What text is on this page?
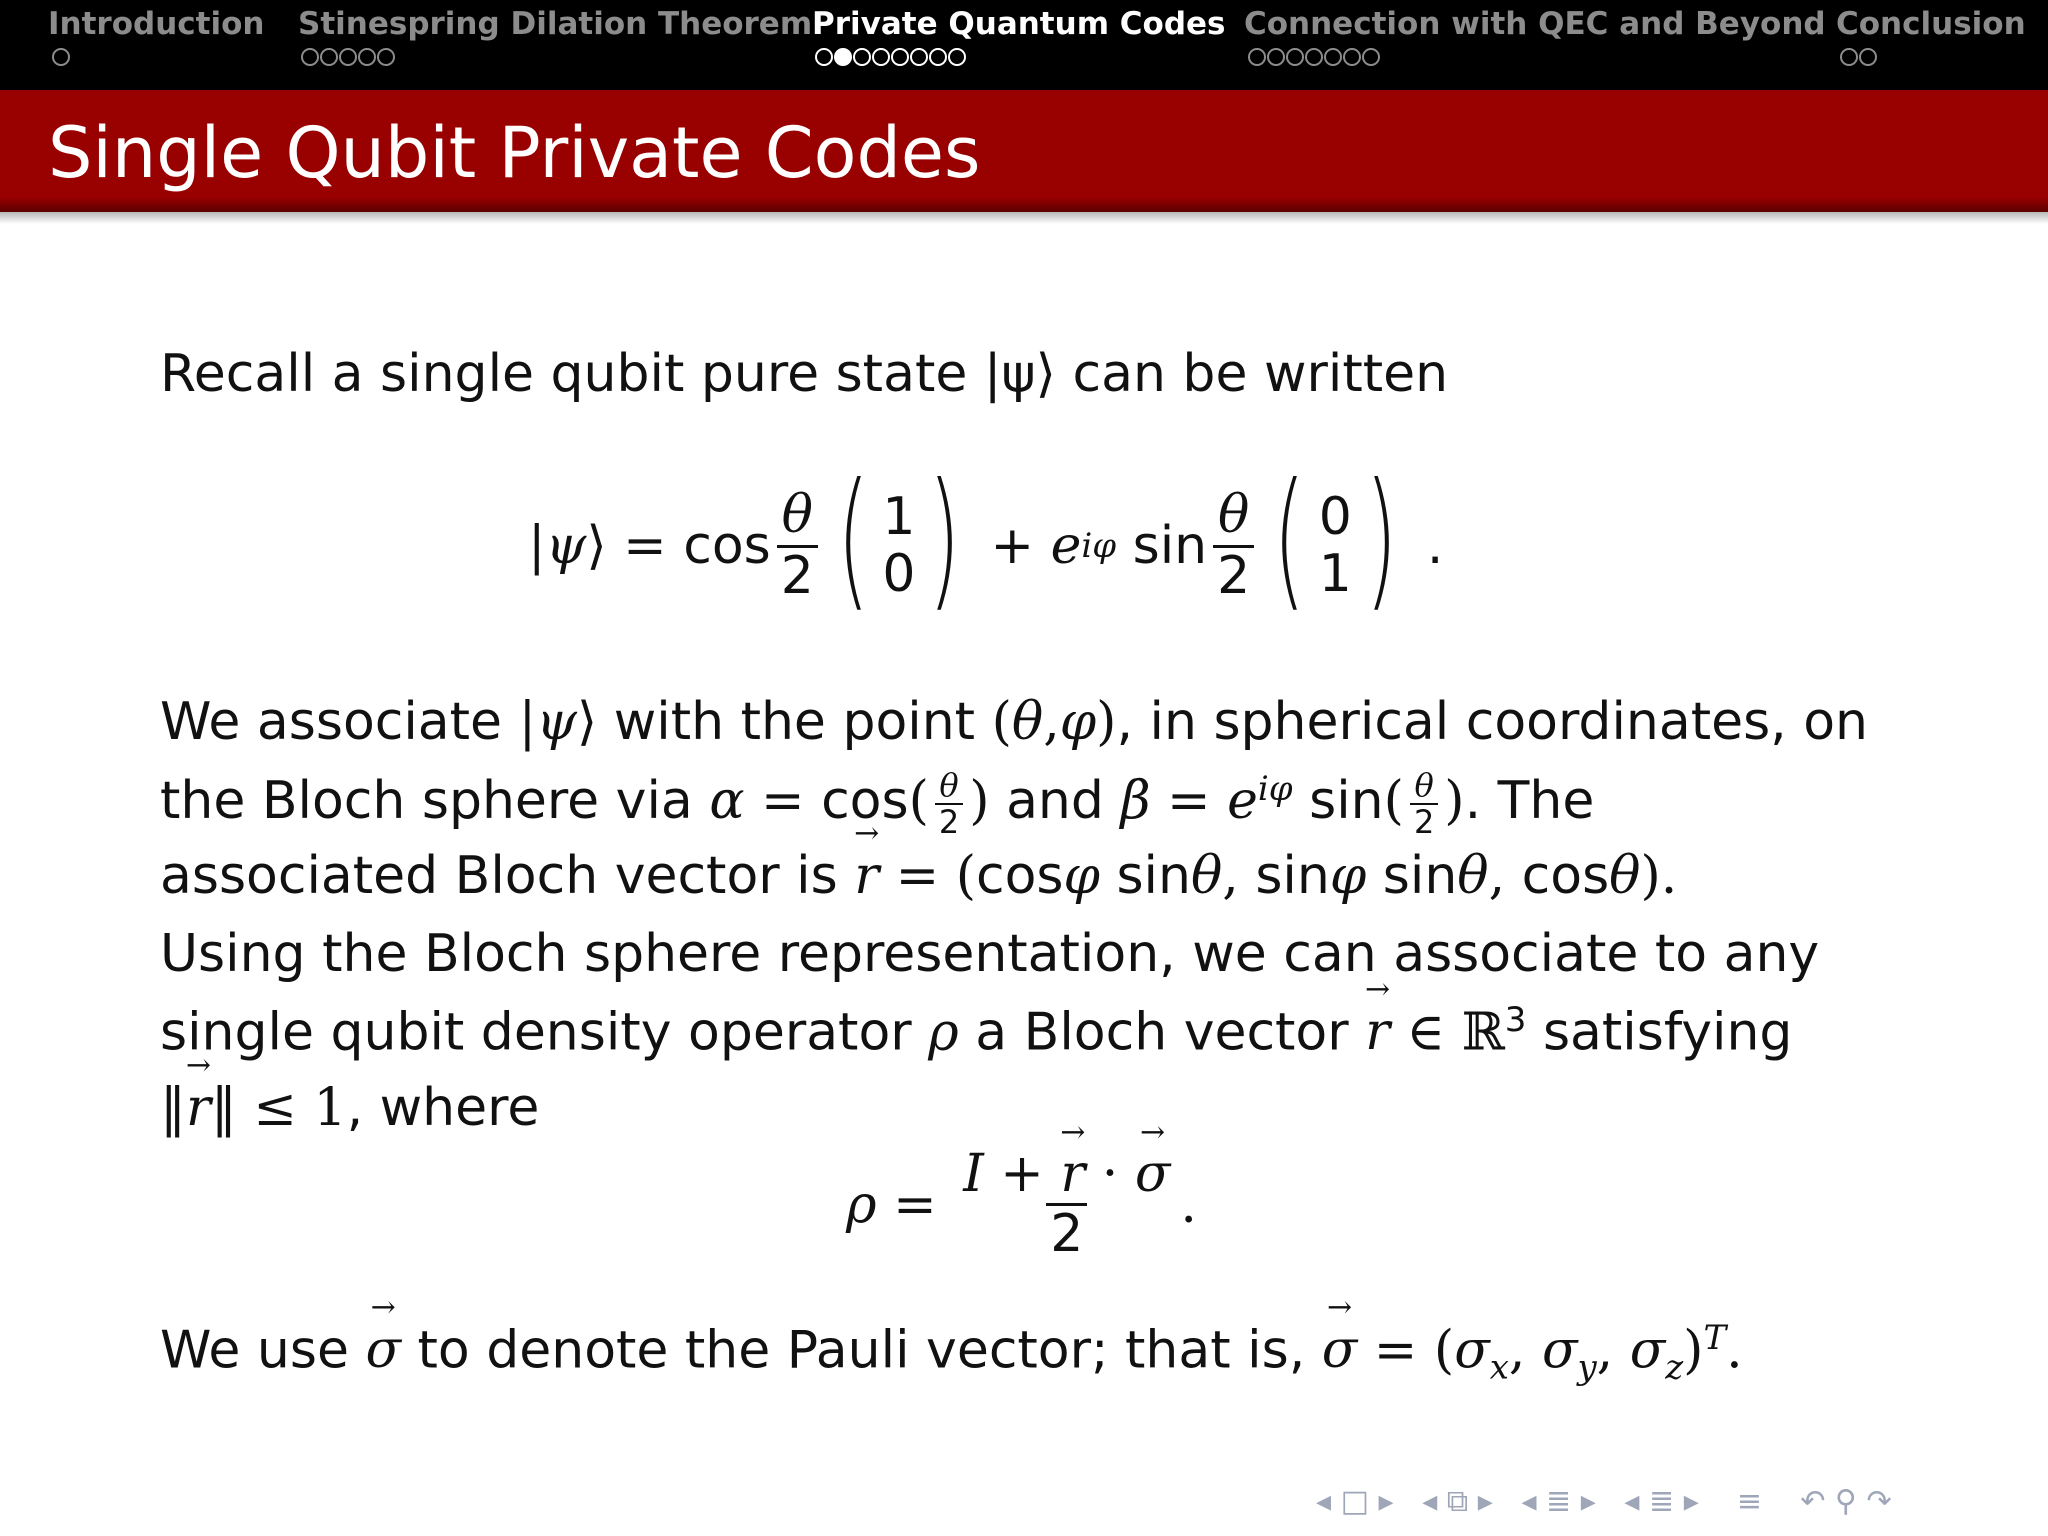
Introduction Stinespring Dilation Theorem Private Quantum Codes Connection with QEC and Beyond Conclusion
Single Qubit Private Codes
Recall a single qubit pure state |ψ⟩ can be written
| ψ ⟩ = $\cos \frac{\theta}{2}$ ( 1
0 ) + e iφ $\sin \frac{\theta}{2}$ ( 0
1 ) .
We associate |ψ⟩ with the point (θ,φ), in spherical coordinates, on
the Bloch sphere via $\alpha = \cos( \frac{\theta}{2}$ ) and $\beta = e^{i\varphi}$ $\sin( \frac{\theta}{2}$ ). The
associated Bloch vector is → r = (cosφ sinθ, sinφ sinθ, cosθ).
Using the Bloch sphere representation, we can associate to any
single qubit density operator ρ a Bloch vector → r ∈ ℝ$^3$ satisfying
‖→ r‖ ≤ 1, where
$\rho = \frac{I + \to r \cdot \to \sigma}{2}$ .
We use → σ to denote the Pauli vector; that is, → $\sigma = (\sigma_x$, $\sigma_y$, $\sigma_z)^T$.
◂ □ ▸ ◂ ⧉ ▸ ◂ ≣ ▸ ◂ ≣ ▸ ≡ ↶ ⚲ ↷
